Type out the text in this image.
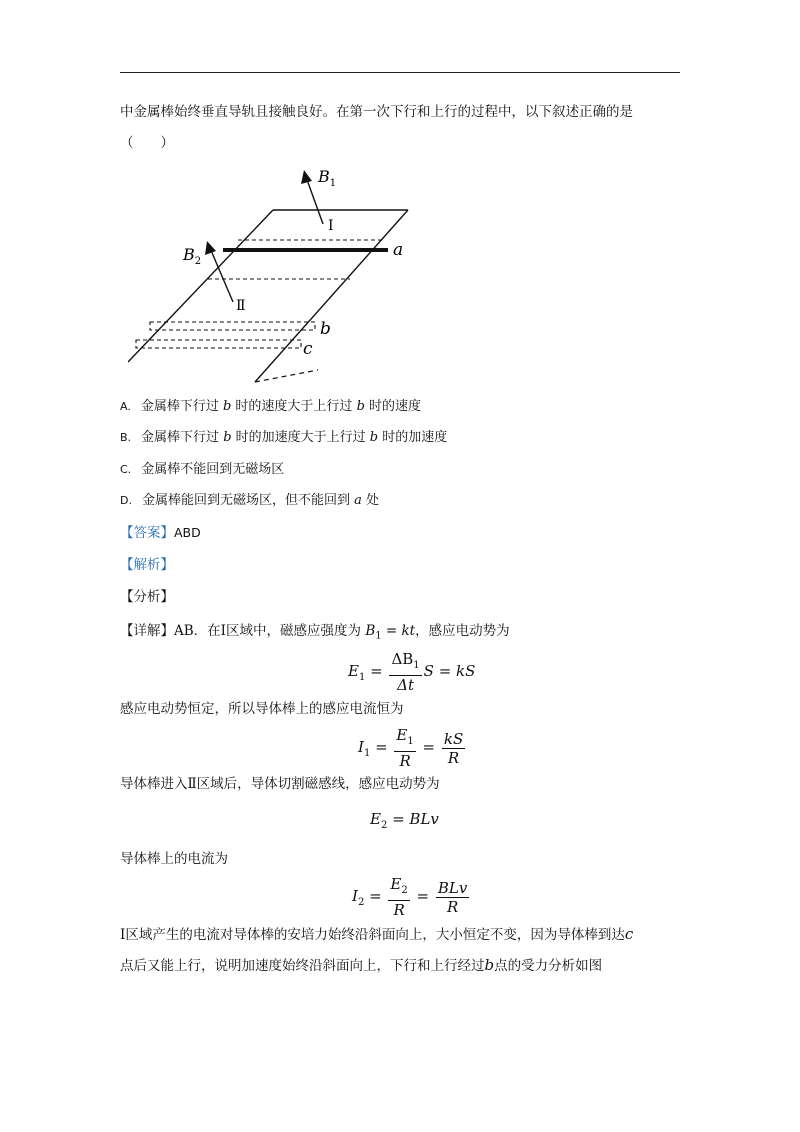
中金属棒始终垂直导轨且接触良好。在第一次下行和上行的过程中，以下叙述正确的是
（　　）
$B_1$
$B_2$
Ⅰ
Ⅱ
a
b
c
A. 金属棒下行过 b 时的速度大于上行过 b 时的速度
B. 金属棒下行过 b 时的加速度大于上行过 b 时的加速度
C. 金属棒不能回到无磁场区
D. 金属棒能回到无磁场区，但不能回到 a 处
【答案】ABD
【解析】
【分析】
【详解】AB．在Ⅰ区域中，磁感应强度为 $B_1$ = kt，感应电动势为
$E_1 = \frac{\Delta B_1}{\Delta t}$ S = kS
感应电动势恒定，所以导体棒上的感应电流恒为
$I_1 = \frac{E_1}{R} = \frac{kS}{R}$
导体棒进入Ⅱ区域后，导体切割磁感线，感应电动势为
$E_2$ = BLv
导体棒上的电流为
$I_2 = \frac{E_2}{R} = \frac{\text{BLv}}{R}$
Ⅰ区域产生的电流对导体棒的安培力始终沿斜面向上，大小恒定不变，因为导体棒到达c
点后又能上行，说明加速度始终沿斜面向上，下行和上行经过b点的受力分析如图
